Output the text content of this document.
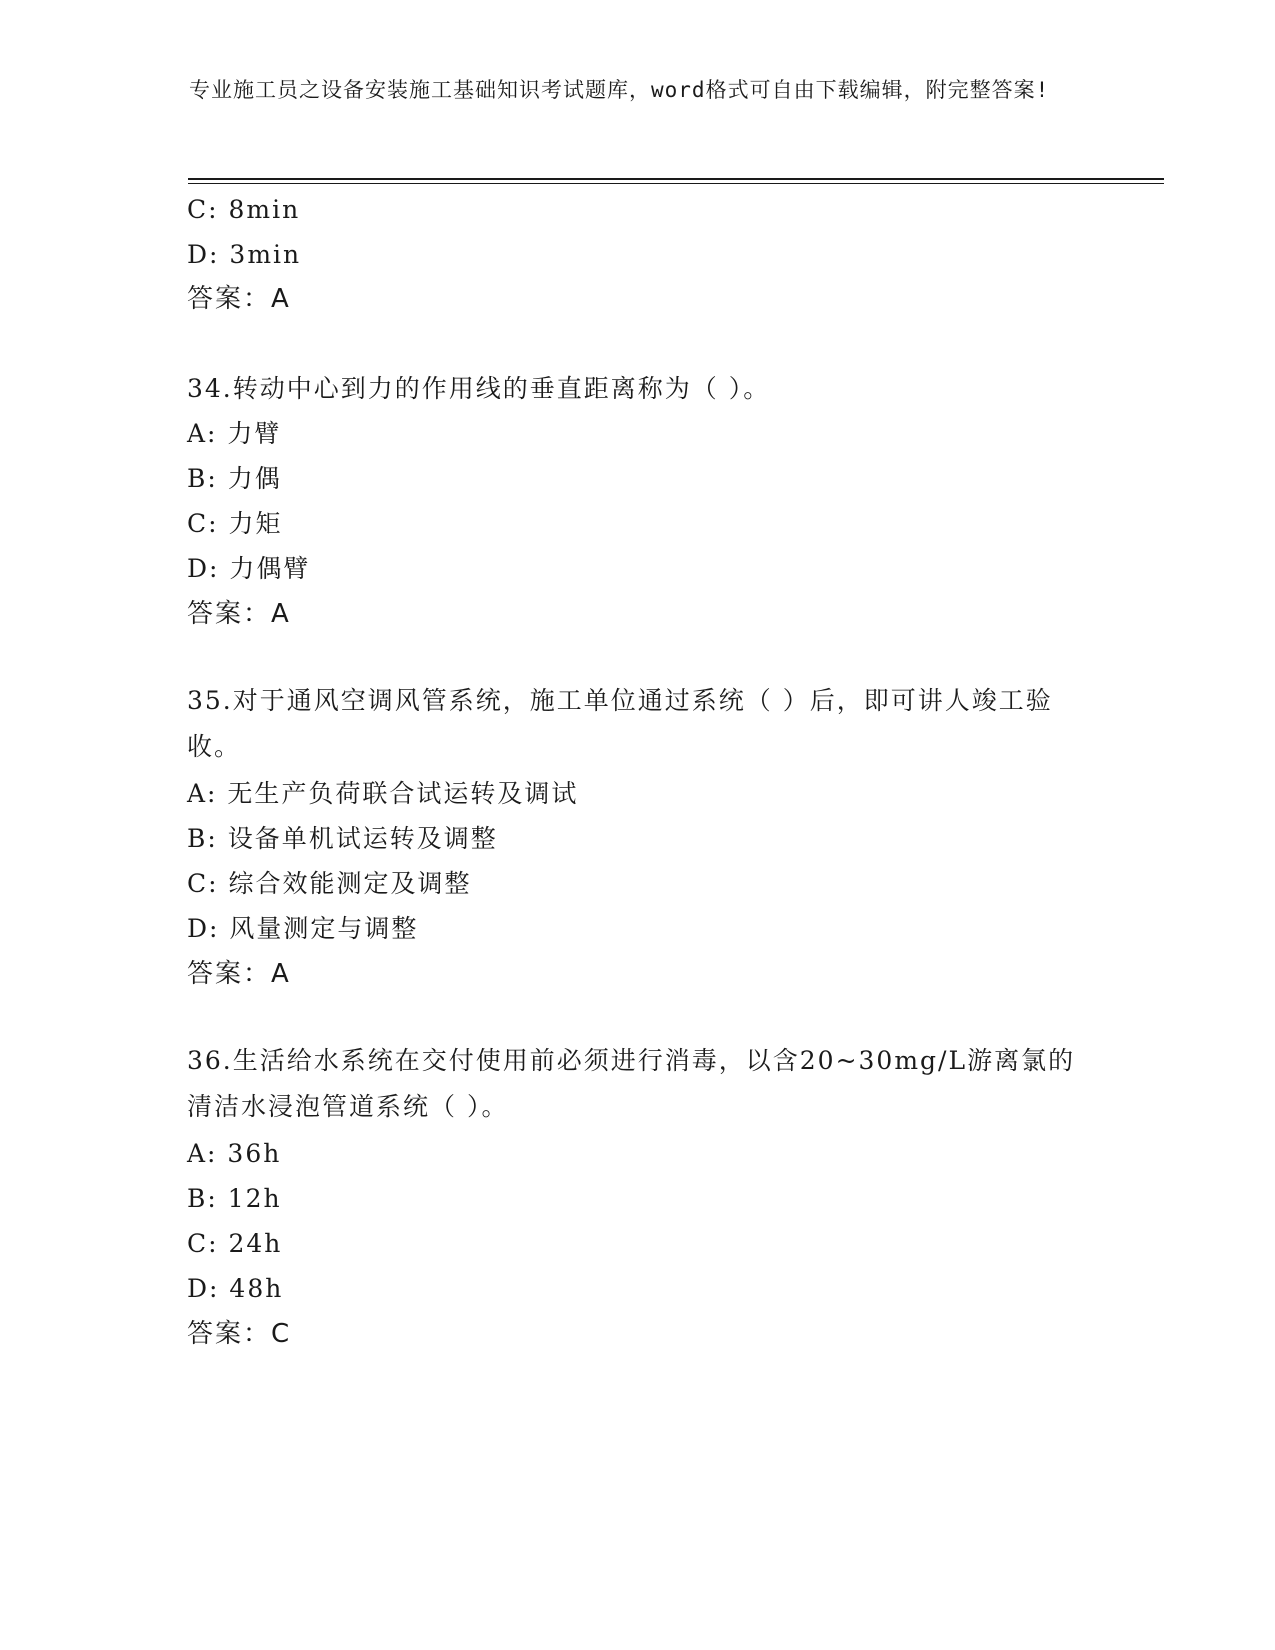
专业施工员之设备安装施工基础知识考试题库，word格式可自由下载编辑，附完整答案!
C: 8min
D: 3min
答案：A
34.转动中心到力的作用线的垂直距离称为（ ）。
A: 力臂
B: 力偶
C: 力矩
D: 力偶臂
答案：A
35.对于通风空调风管系统，施工单位通过系统（ ）后，即可讲人竣工验收。
A: 无生产负荷联合试运转及调试
B: 设备单机试运转及调整
C: 综合效能测定及调整
D: 风量测定与调整
答案：A
36.生活给水系统在交付使用前必须进行消毒，以含20~30mg/L游离氯的清洁水浸泡管道系统（ ）。
A: 36h
B: 12h
C: 24h
D: 48h
答案：C
